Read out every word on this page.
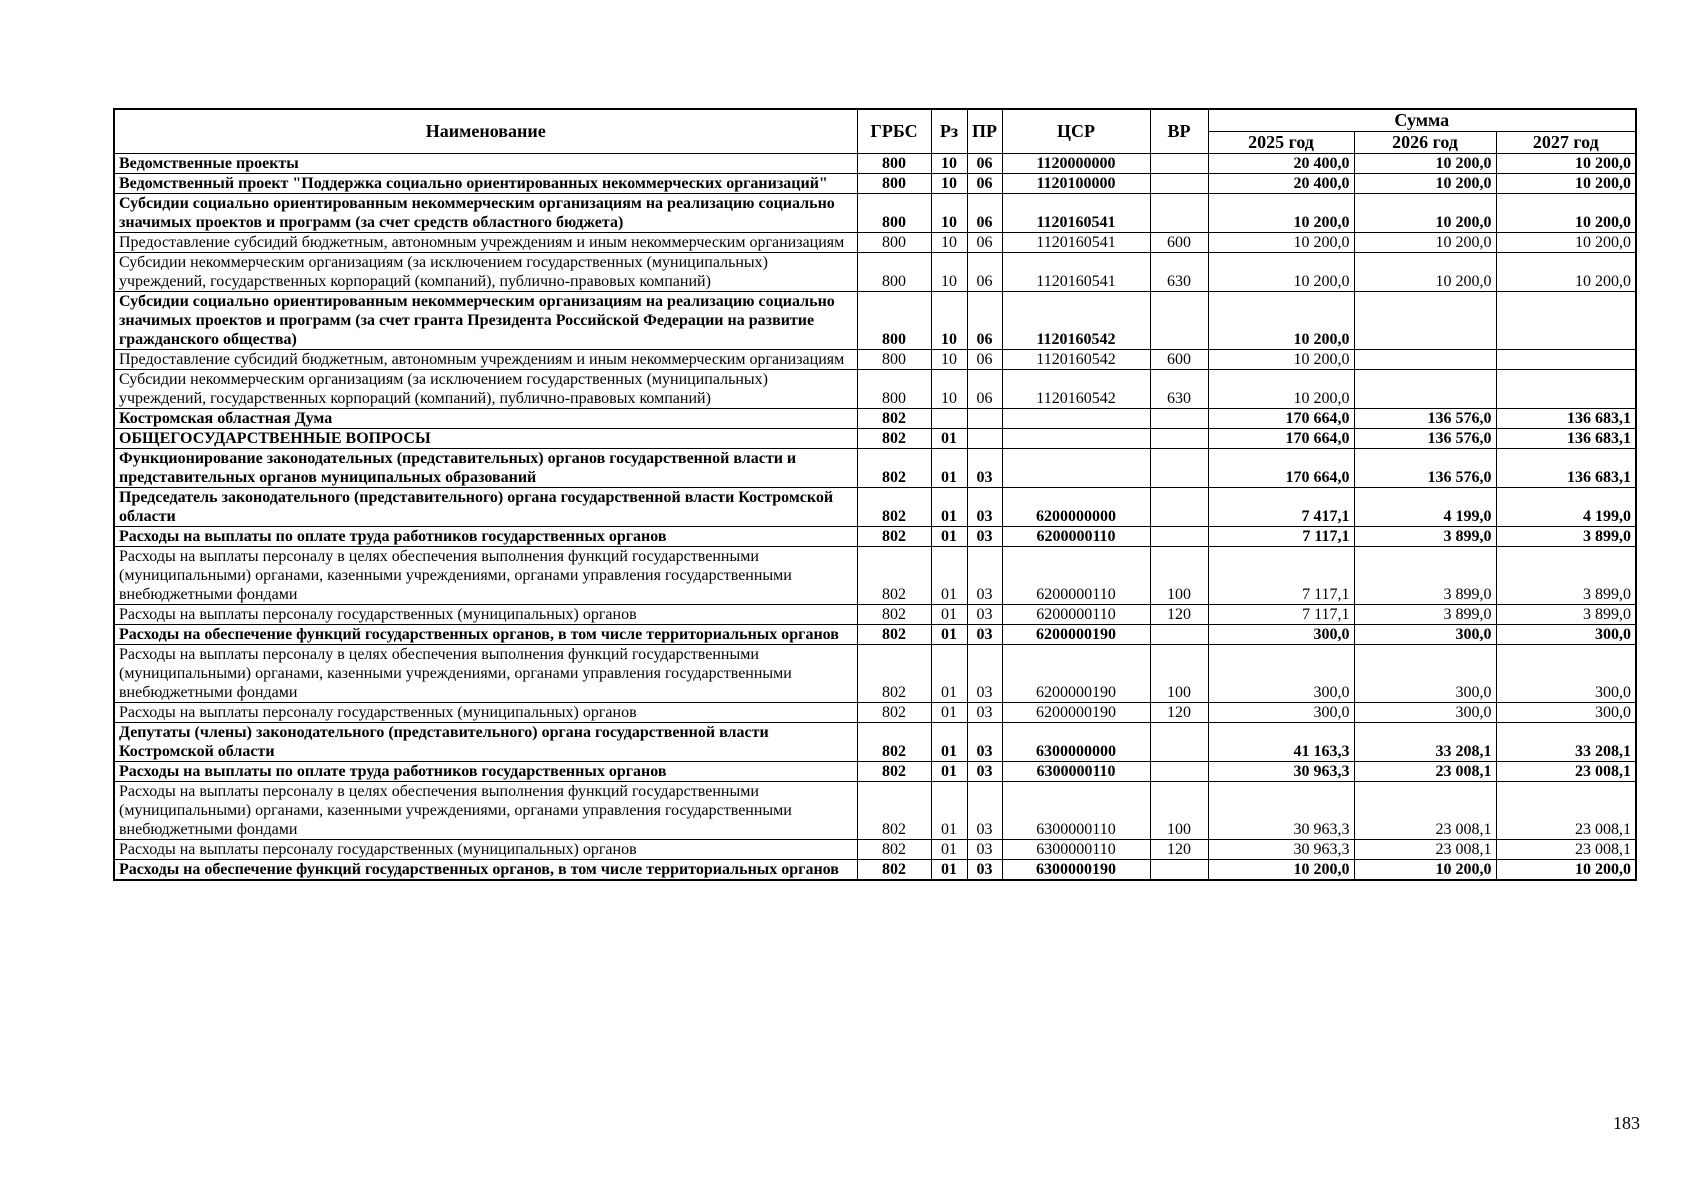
Наименование	ГРБС	Рз	ПР	ЦСР	ВР	Сумма		
						2025 год	2026 год	2027 год
Ведомственные проекты	800	10	06	1120000000		20 400,0	10 200,0	10 200,0
Ведомственный проект "Поддержка социально ориентированных некоммерческих организаций"	800	10	06	1120100000		20 400,0	10 200,0	10 200,0
Субсидии социально ориентированным некоммерческим организациям на реализацию социально значимых проектов и программ (за счет средств областного бюджета)	800	10	06	1120160541		10 200,0	10 200,0	10 200,0
Предоставление субсидий бюджетным, автономным учреждениям и иным некоммерческим организациям	800	10	06	1120160541	600	10 200,0	10 200,0	10 200,0
Субсидии некоммерческим организациям (за исключением государственных (муниципальных) учреждений, государственных корпораций (компаний), публично-правовых компаний)	800	10	06	1120160541	630	10 200,0	10 200,0	10 200,0
Субсидии социально ориентированным некоммерческим организациям на реализацию социально значимых проектов и программ (за счет гранта Президента Российской Федерации на развитие гражданского общества)	800	10	06	1120160542		10 200,0		
Предоставление субсидий бюджетным, автономным учреждениям и иным некоммерческим организациям	800	10	06	1120160542	600	10 200,0		
Субсидии некоммерческим организациям (за исключением государственных (муниципальных) учреждений, государственных корпораций (компаний), публично-правовых компаний)	800	10	06	1120160542	630	10 200,0		
Костромская областная Дума	802					170 664,0	136 576,0	136 683,1
ОБЩЕГОСУДАРСТВЕННЫЕ ВОПРОСЫ	802	01				170 664,0	136 576,0	136 683,1
Функционирование законодательных (представительных) органов государственной власти и представительных органов муниципальных образований	802	01	03			170 664,0	136 576,0	136 683,1
Председатель законодательного (представительного) органа государственной власти Костромской области	802	01	03	6200000000		7 417,1	4 199,0	4 199,0
Расходы на выплаты по оплате труда работников государственных органов	802	01	03	6200000110		7 117,1	3 899,0	3 899,0
Расходы на выплаты персоналу в целях обеспечения выполнения функций государственными (муниципальными) органами, казенными учреждениями, органами управления государственными внебюджетными фондами	802	01	03	6200000110	100	7 117,1	3 899,0	3 899,0
Расходы на выплаты персоналу государственных (муниципальных) органов	802	01	03	6200000110	120	7 117,1	3 899,0	3 899,0
Расходы на обеспечение функций государственных органов, в том числе территориальных органов	802	01	03	6200000190		300,0	300,0	300,0
Расходы на выплаты персоналу в целях обеспечения выполнения функций государственными (муниципальными) органами, казенными учреждениями, органами управления государственными внебюджетными фондами	802	01	03	6200000190	100	300,0	300,0	300,0
Расходы на выплаты персоналу государственных (муниципальных) органов	802	01	03	6200000190	120	300,0	300,0	300,0
Депутаты (члены) законодательного (представительного) органа государственной власти Костромской области	802	01	03	6300000000		41 163,3	33 208,1	33 208,1
Расходы на выплаты по оплате труда работников государственных органов	802	01	03	6300000110		30 963,3	23 008,1	23 008,1
Расходы на выплаты персоналу в целях обеспечения выполнения функций государственными (муниципальными) органами, казенными учреждениями, органами управления государственными внебюджетными фондами	802	01	03	6300000110	100	30 963,3	23 008,1	23 008,1
Расходы на выплаты персоналу государственных (муниципальных) органов	802	01	03	6300000110	120	30 963,3	23 008,1	23 008,1
Расходы на обеспечение функций государственных органов, в том числе территориальных органов	802	01	03	6300000190		10 200,0	10 200,0	10 200,0
183
